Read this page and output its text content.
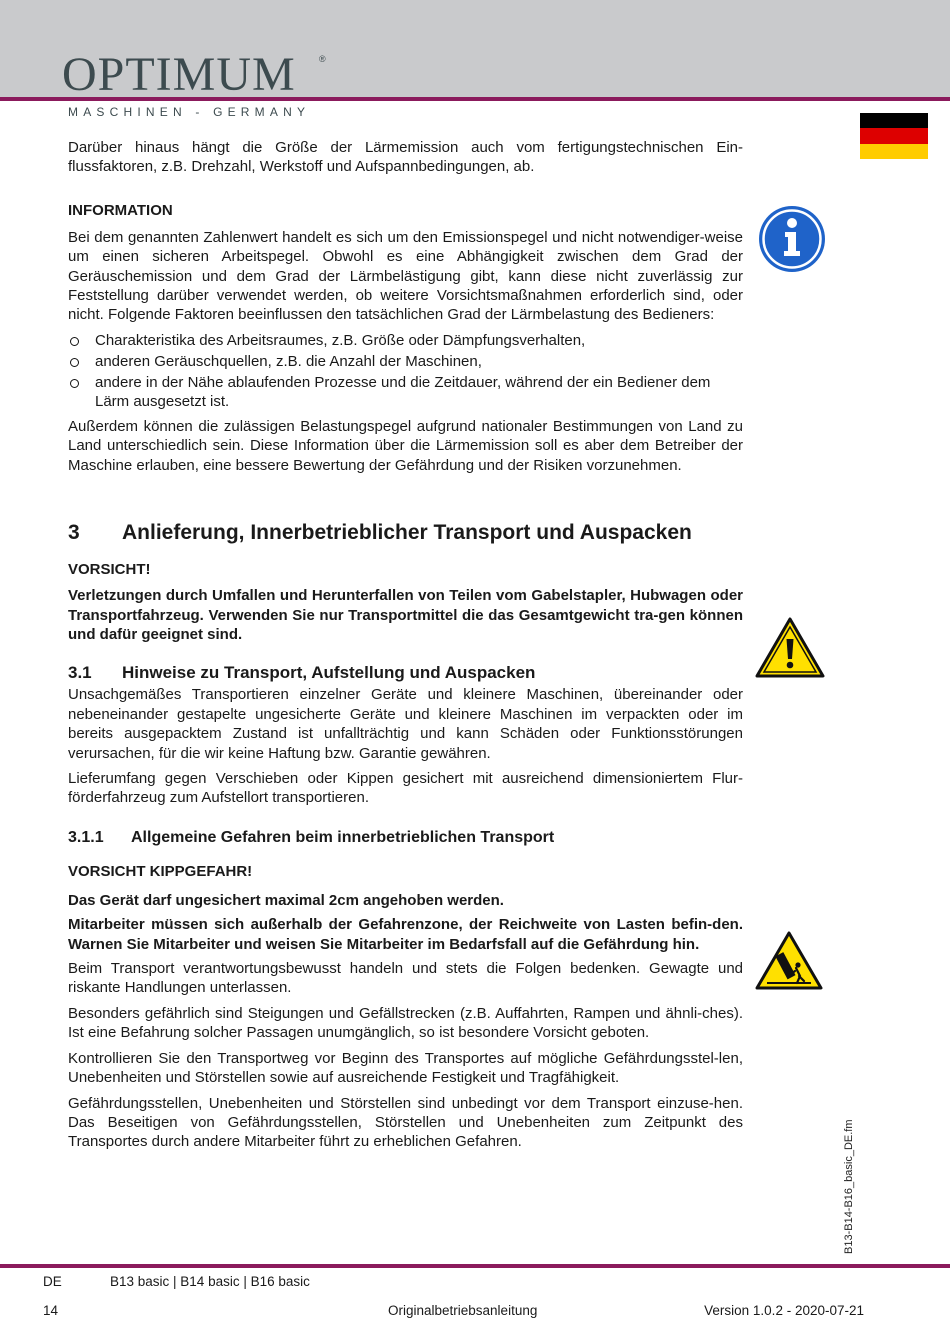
OPTIMUM	®
MASCHINEN - GERMANY

Darüber hinaus hängt die Größe der Lärmemission auch vom fertigungstechnischen Ein-flussfaktoren, z.B. Drehzahl, Werkstoff und Aufspannbedingungen, ab.

INFORMATION

Bei dem genannten Zahlenwert handelt es sich um den Emissionspegel und nicht notwendiger-weise um einen sicheren Arbeitspegel. Obwohl es eine Abhängigkeit zwischen dem Grad der Geräuschemission und dem Grad der Lärmbelästigung gibt, kann diese nicht zuverlässig zur Feststellung darüber verwendet werden, ob weitere Vorsichtsmaßnahmen erforderlich sind, oder nicht. Folgende Faktoren beeinflussen den tatsächlichen Grad der Lärmbelastung des Bedieners:

Charakteristika des Arbeitsraumes, z.B. Größe oder Dämpfungsverhalten,
anderen Geräuschquellen, z.B. die Anzahl der Maschinen,
andere in der Nähe ablaufenden Prozesse und die Zeitdauer, während der ein Bediener dem Lärm ausgesetzt ist.

Außerdem können die zulässigen Belastungspegel aufgrund nationaler Bestimmungen von Land zu Land unterschiedlich sein. Diese Information über die Lärmemission soll es aber dem Betreiber der Maschine erlauben, eine bessere Bewertung der Gefährdung und der Risiken vorzunehmen.

3 Anlieferung, Innerbetrieblicher Transport und Auspacken
VORSICHT!

Verletzungen durch Umfallen und Herunterfallen von Teilen vom Gabelstapler, Hubwagen oder Transportfahrzeug. Verwenden Sie nur Transportmittel die das Gesamtgewicht tra-gen können und dafür geeignet sind.

3.1 Hinweise zu Transport, Aufstellung und Auspacken

Unsachgemäßes Transportieren einzelner Geräte und kleinere Maschinen, übereinander oder nebeneinander gestapelte ungesicherte Geräte und kleinere Maschinen im verpackten oder im bereits ausgepacktem Zustand ist unfallträchtig und kann Schäden oder Funktionsstörungen verursachen, für die wir keine Haftung bzw. Garantie gewähren.

Lieferumfang gegen Verschieben oder Kippen gesichert mit ausreichend dimensioniertem Flur-förderfahrzeug zum Aufstellort transportieren.

3.1.1 Allgemeine Gefahren beim innerbetrieblichen Transport
VORSICHT KIPPGEFAHR!

Das Gerät darf ungesichert maximal 2cm angehoben werden.

Mitarbeiter müssen sich außerhalb der Gefahrenzone, der Reichweite von Lasten befin-den. Warnen Sie Mitarbeiter und weisen Sie Mitarbeiter im Bedarfsfall auf die Gefährdung hin.

Beim Transport verantwortungsbewusst handeln und stets die Folgen bedenken. Gewagte und riskante Handlungen unterlassen.

Besonders gefährlich sind Steigungen und Gefällstrecken (z.B. Auffahrten, Rampen und ähnli-ches). Ist eine Befahrung solcher Passagen unumgänglich, so ist besondere Vorsicht geboten.

Kontrollieren Sie den Transportweg vor Beginn des Transportes auf mögliche Gefährdungsstel-len, Unebenheiten und Störstellen sowie auf ausreichende Festigkeit und Tragfähigkeit.

Gefährdungsstellen, Unebenheiten und Störstellen sind unbedingt vor dem Transport einzuse-hen. Das Beseitigen von Gefährdungsstellen, Störstellen und Unebenheiten zum Zeitpunkt des Transportes durch andere Mitarbeiter führt zu erheblichen Gefahren.	B13-B14-B16_basic_DE.fm
DE	B13 basic | B14 basic | B16 basic
14	Originalbetriebsanleitung	Version 1.0.2 - 2020-07-21
